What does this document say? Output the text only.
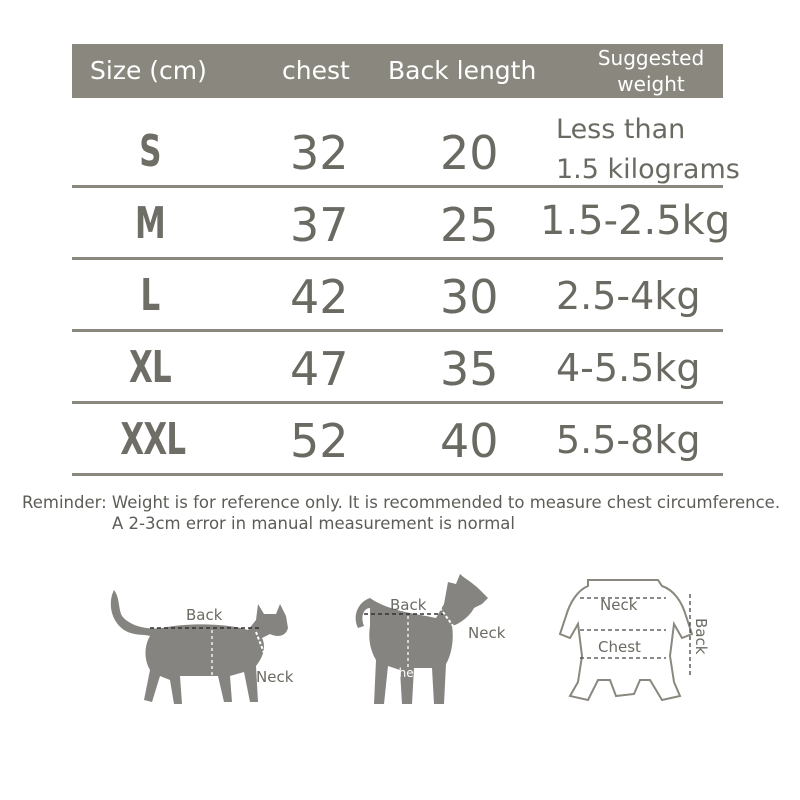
Size (cm)	chest Back length	Suggested weight
S	32 20 Less than
1.5 kilograms
M	37 25 1.5-2.5kg
L	42 30 2.5-4kg
XL	47 35 4-5.5kg
XXL 52 40 5.5-8kg
Reminder: Weight is for reference only. It is recommended to measure chest circumference.
A 2-3cm error in manual measurement is normal
Back
Neck
chest
Back
Neck
chest
Neck
Chest	Back
